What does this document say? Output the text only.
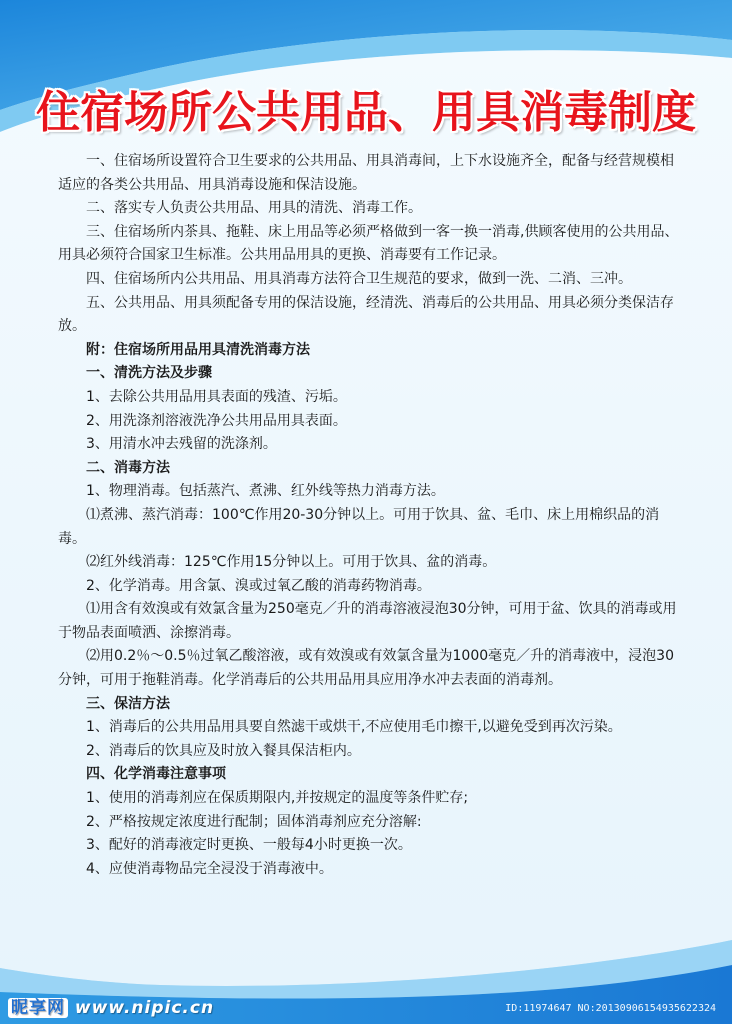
住宿场所公共用品、用具消毒制度

一、住宿场所设置符合卫生要求的公共用品、用具消毒间，上下水设施齐全，配备与经营规模相适应的各类公共用品、用具消毒设施和保洁设施。

二、落实专人负责公共用品、用具的清洗、消毒工作。

三、住宿场所内茶具、拖鞋、床上用品等必须严格做到一客一换一消毒,供顾客使用的公共用品、用具必须符合国家卫生标准。公共用品用具的更换、消毒要有工作记录。

四、住宿场所内公共用品、用具消毒方法符合卫生规范的要求，做到一洗、二消、三冲。

五、公共用品、用具须配备专用的保洁设施，经清洗、消毒后的公共用品、用具必须分类保洁存放。

附：住宿场所用品用具清洗消毒方法

一、清洗方法及步骤

1、去除公共用品用具表面的残渣、污垢。

2、用洗涤剂溶液洗净公共用品用具表面。

3、用清水冲去残留的洗涤剂。

二、消毒方法

1、物理消毒。包括蒸汽、煮沸、红外线等热力消毒方法。

⑴煮沸、蒸汽消毒：100℃作用20-30分钟以上。可用于饮具、盆、毛巾、床上用棉织品的消毒。

⑵红外线消毒：125℃作用15分钟以上。可用于饮具、盆的消毒。

2、化学消毒。用含氯、溴或过氧乙酸的消毒药物消毒。

⑴用含有效溴或有效氯含量为250毫克／升的消毒溶液浸泡30分钟，可用于盆、饮具的消毒或用于物品表面喷洒、涂擦消毒。

⑵用0.2％～0.5％过氧乙酸溶液，或有效溴或有效氯含量为1000毫克／升的消毒液中，浸泡30分钟，可用于拖鞋消毒。化学消毒后的公共用品用具应用净水冲去表面的消毒剂。

三、保洁方法

1、消毒后的公共用品用具要自然滤干或烘干,不应使用毛巾擦干,以避免受到再次污染。

2、消毒后的饮具应及时放入餐具保洁柜内。

四、化学消毒注意事项

1、使用的消毒剂应在保质期限内,并按规定的温度等条件贮存;

2、严格按规定浓度进行配制；固体消毒剂应充分溶解:

3、配好的消毒液定时更换、一般每4小时更换一次。

4、应使消毒物品完全浸没于消毒液中。

昵享网 www.nipic.cn	ID:11974647 NO:20130906154935622324
